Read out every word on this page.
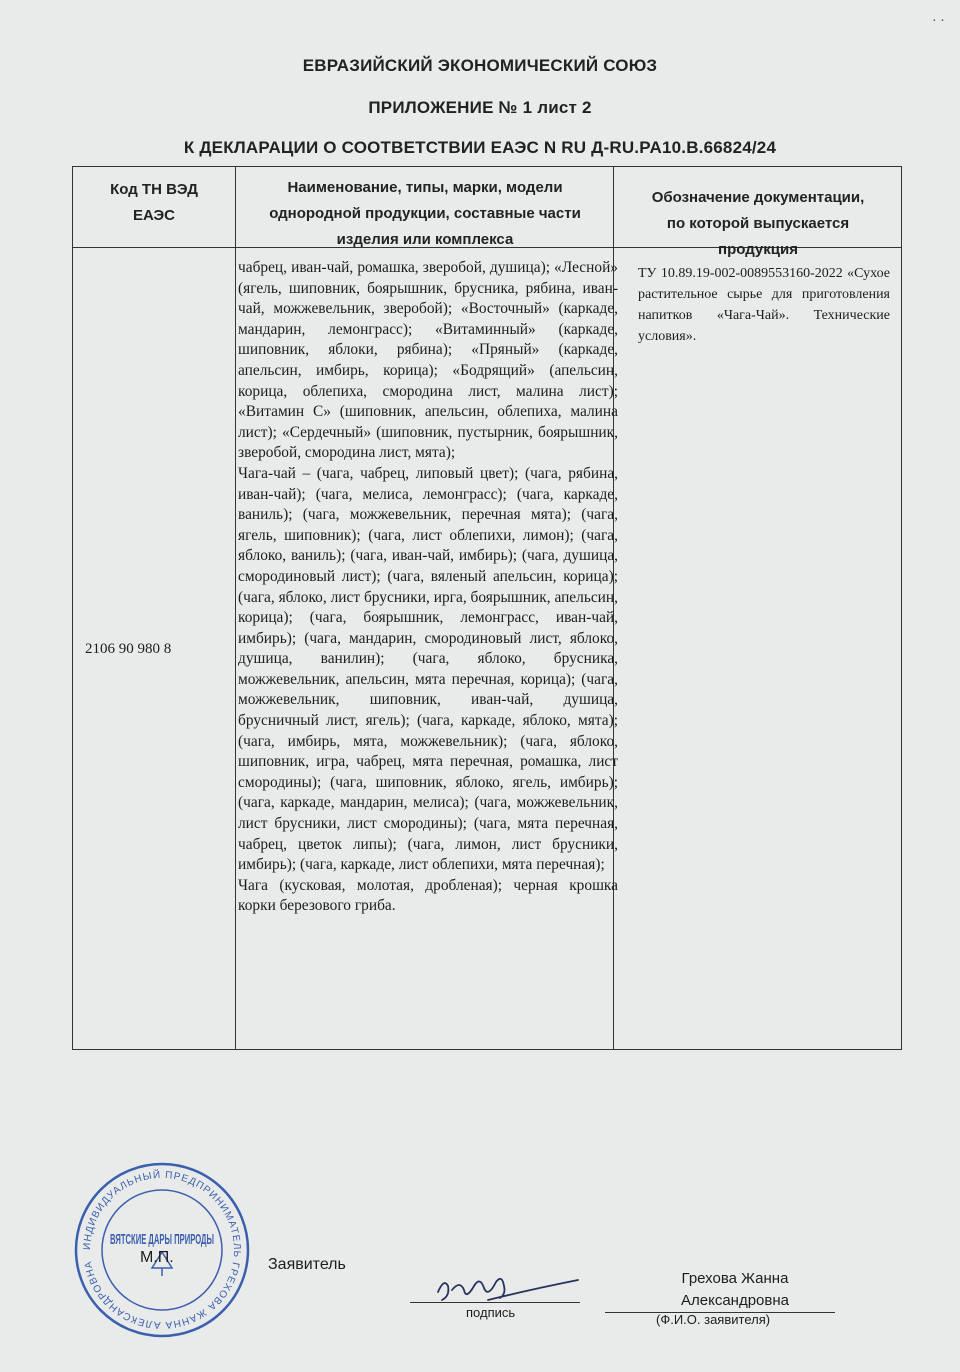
· ·
ЕВРАЗИЙСКИЙ ЭКОНОМИЧЕСКИЙ СОЮЗ
ПРИЛОЖЕНИЕ № 1 лист 2
К ДЕКЛАРАЦИИ О СООТВЕТСТВИИ ЕАЭС N RU Д-RU.PA10.B.66824/24
Код ТН ВЭД
ЕАЭС
Наименование, типы, марки, модели
однородной продукции, составные части
изделия или комплекса
Обозначение документации,
по которой выпускается
продукция
2106 90 980 8

чабрец, иван-чай, ромашка, зверобой, душица); «Лесной» (ягель, шиповник, боярышник, брусника, рябина, иван-чай, можжевельник, зверобой); «Восточный» (каркаде, мандарин, лемонграсс); «Витаминный» (каркаде, шиповник, яблоки, рябина); «Пряный» (каркаде, апельсин, имбирь, корица); «Бодрящий» (апельсин, корица, облепиха, смородина лист, малина лист); «Витамин С» (шиповник, апельсин, облепиха, малина лист); «Сердечный» (шиповник, пустырник, боярышник, зверобой, смородина лист, мята);

Чага-чай – (чага, чабрец, липовый цвет); (чага, рябина, иван-чай); (чага, мелиса, лемонграсс); (чага, каркаде, ваниль); (чага, можжевельник, перечная мята); (чага, ягель, шиповник); (чага, лист облепихи, лимон); (чага, яблоко, ваниль); (чага, иван-чай, имбирь); (чага, душица, смородиновый лист); (чага, вяленый апельсин, корица); (чага, яблоко, лист брусники, ирга, боярышник, апельсин, корица); (чага, боярышник, лемонграсс, иван-чай, имбирь); (чага, мандарин, смородиновый лист, яблоко, душица, ванилин); (чага, яблоко, брусника, можжевельник, апельсин, мята перечная, корица); (чага, можжевельник, шиповник, иван-чай, душица, брусничный лист, ягель); (чага, каркаде, яблоко, мята); (чага, имбирь, мята, можжевельник); (чага, яблоко, шиповник, игра, чабрец, мята перечная, ромашка, лист смородины); (чага, шиповник, яблоко, ягель, имбирь); (чага, каркаде, мандарин, мелиса); (чага, можжевельник, лист брусники, лист смородины); (чага, мята перечная, чабрец, цветок липы); (чага, лимон, лист брусники, имбирь); (чага, каркаде, лист облепихи, мята перечная);

Чага (кусковая, молотая, дробленая); черная крошка корки березового гриба.

ТУ 10.89.19-002-0089553160-2022 «Сухое растительное сырье для приготовления напитков «Чага-Чай». Технические условия».

ИНДИВИДУАЛЬНЫЙ ПРЕДПРИНИМАТЕЛЬ ГРЕХОВА ЖАННА АЛЕКСАНДРОВНА
ВЯТСКИЕ ДАРЫ ПРИРОДЫ
М.П.	Заявитель
подпись
Грехова Жанна
Александровна
(Ф.И.О. заявителя)
